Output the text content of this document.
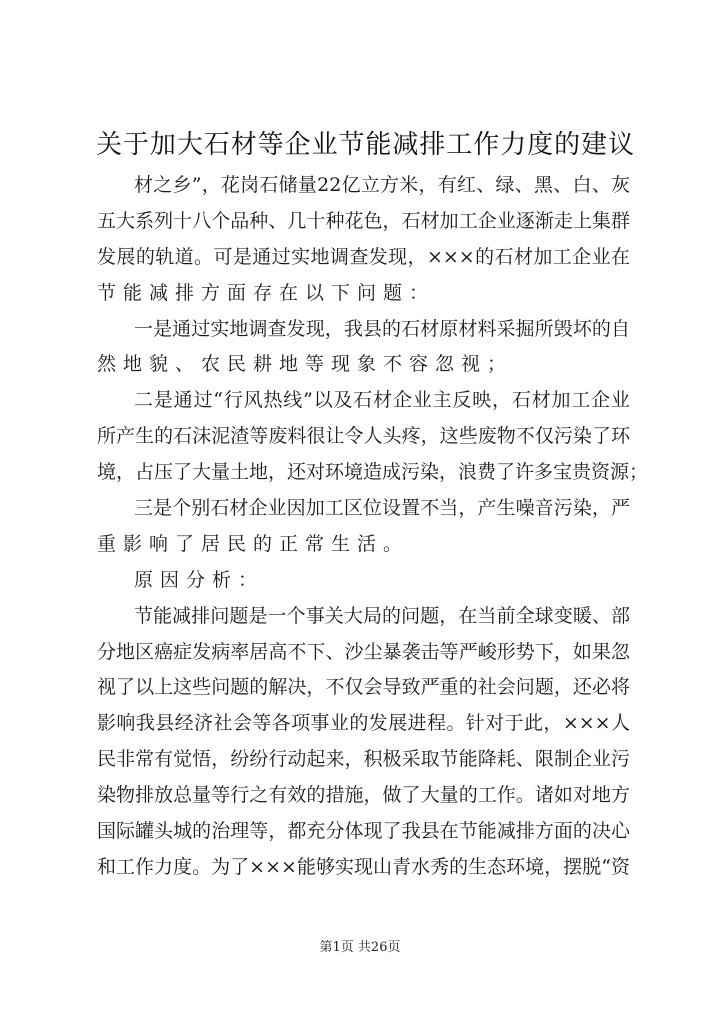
关于加大石材等企业节能减排工作力度的建议
材之乡”，花岗石储量22亿立方米，有红、绿、黑、白、灰
五大系列十八个品种、几十种花色，石材加工企业逐渐走上集群
发展的轨道。可是通过实地调查发现，×××的石材加工企业在
节能减排方面存在以下问题：
一是通过实地调查发现，我县的石材原材料采掘所毁坏的自
然地貌、农民耕地等现象不容忽视；
二是通过“行风热线”以及石材企业主反映，石材加工企业
所产生的石沫泥渣等废料很让令人头疼，这些废物不仅污染了环
境，占压了大量土地，还对环境造成污染，浪费了许多宝贵资源；
三是个别石材企业因加工区位设置不当，产生噪音污染，严
重影响了居民的正常生活。
原因分析：
节能减排问题是一个事关大局的问题，在当前全球变暖、部
分地区癌症发病率居高不下、沙尘暴袭击等严峻形势下，如果忽
视了以上这些问题的解决，不仅会导致严重的社会问题，还必将
影响我县经济社会等各项事业的发展进程。针对于此，×××人
民非常有觉悟，纷纷行动起来，积极采取节能降耗、限制企业污
染物排放总量等行之有效的措施，做了大量的工作。诸如对地方
国际罐头城的治理等，都充分体现了我县在节能减排方面的决心
和工作力度。为了×××能够实现山青水秀的生态环境，摆脱“资
第1页 共26页
